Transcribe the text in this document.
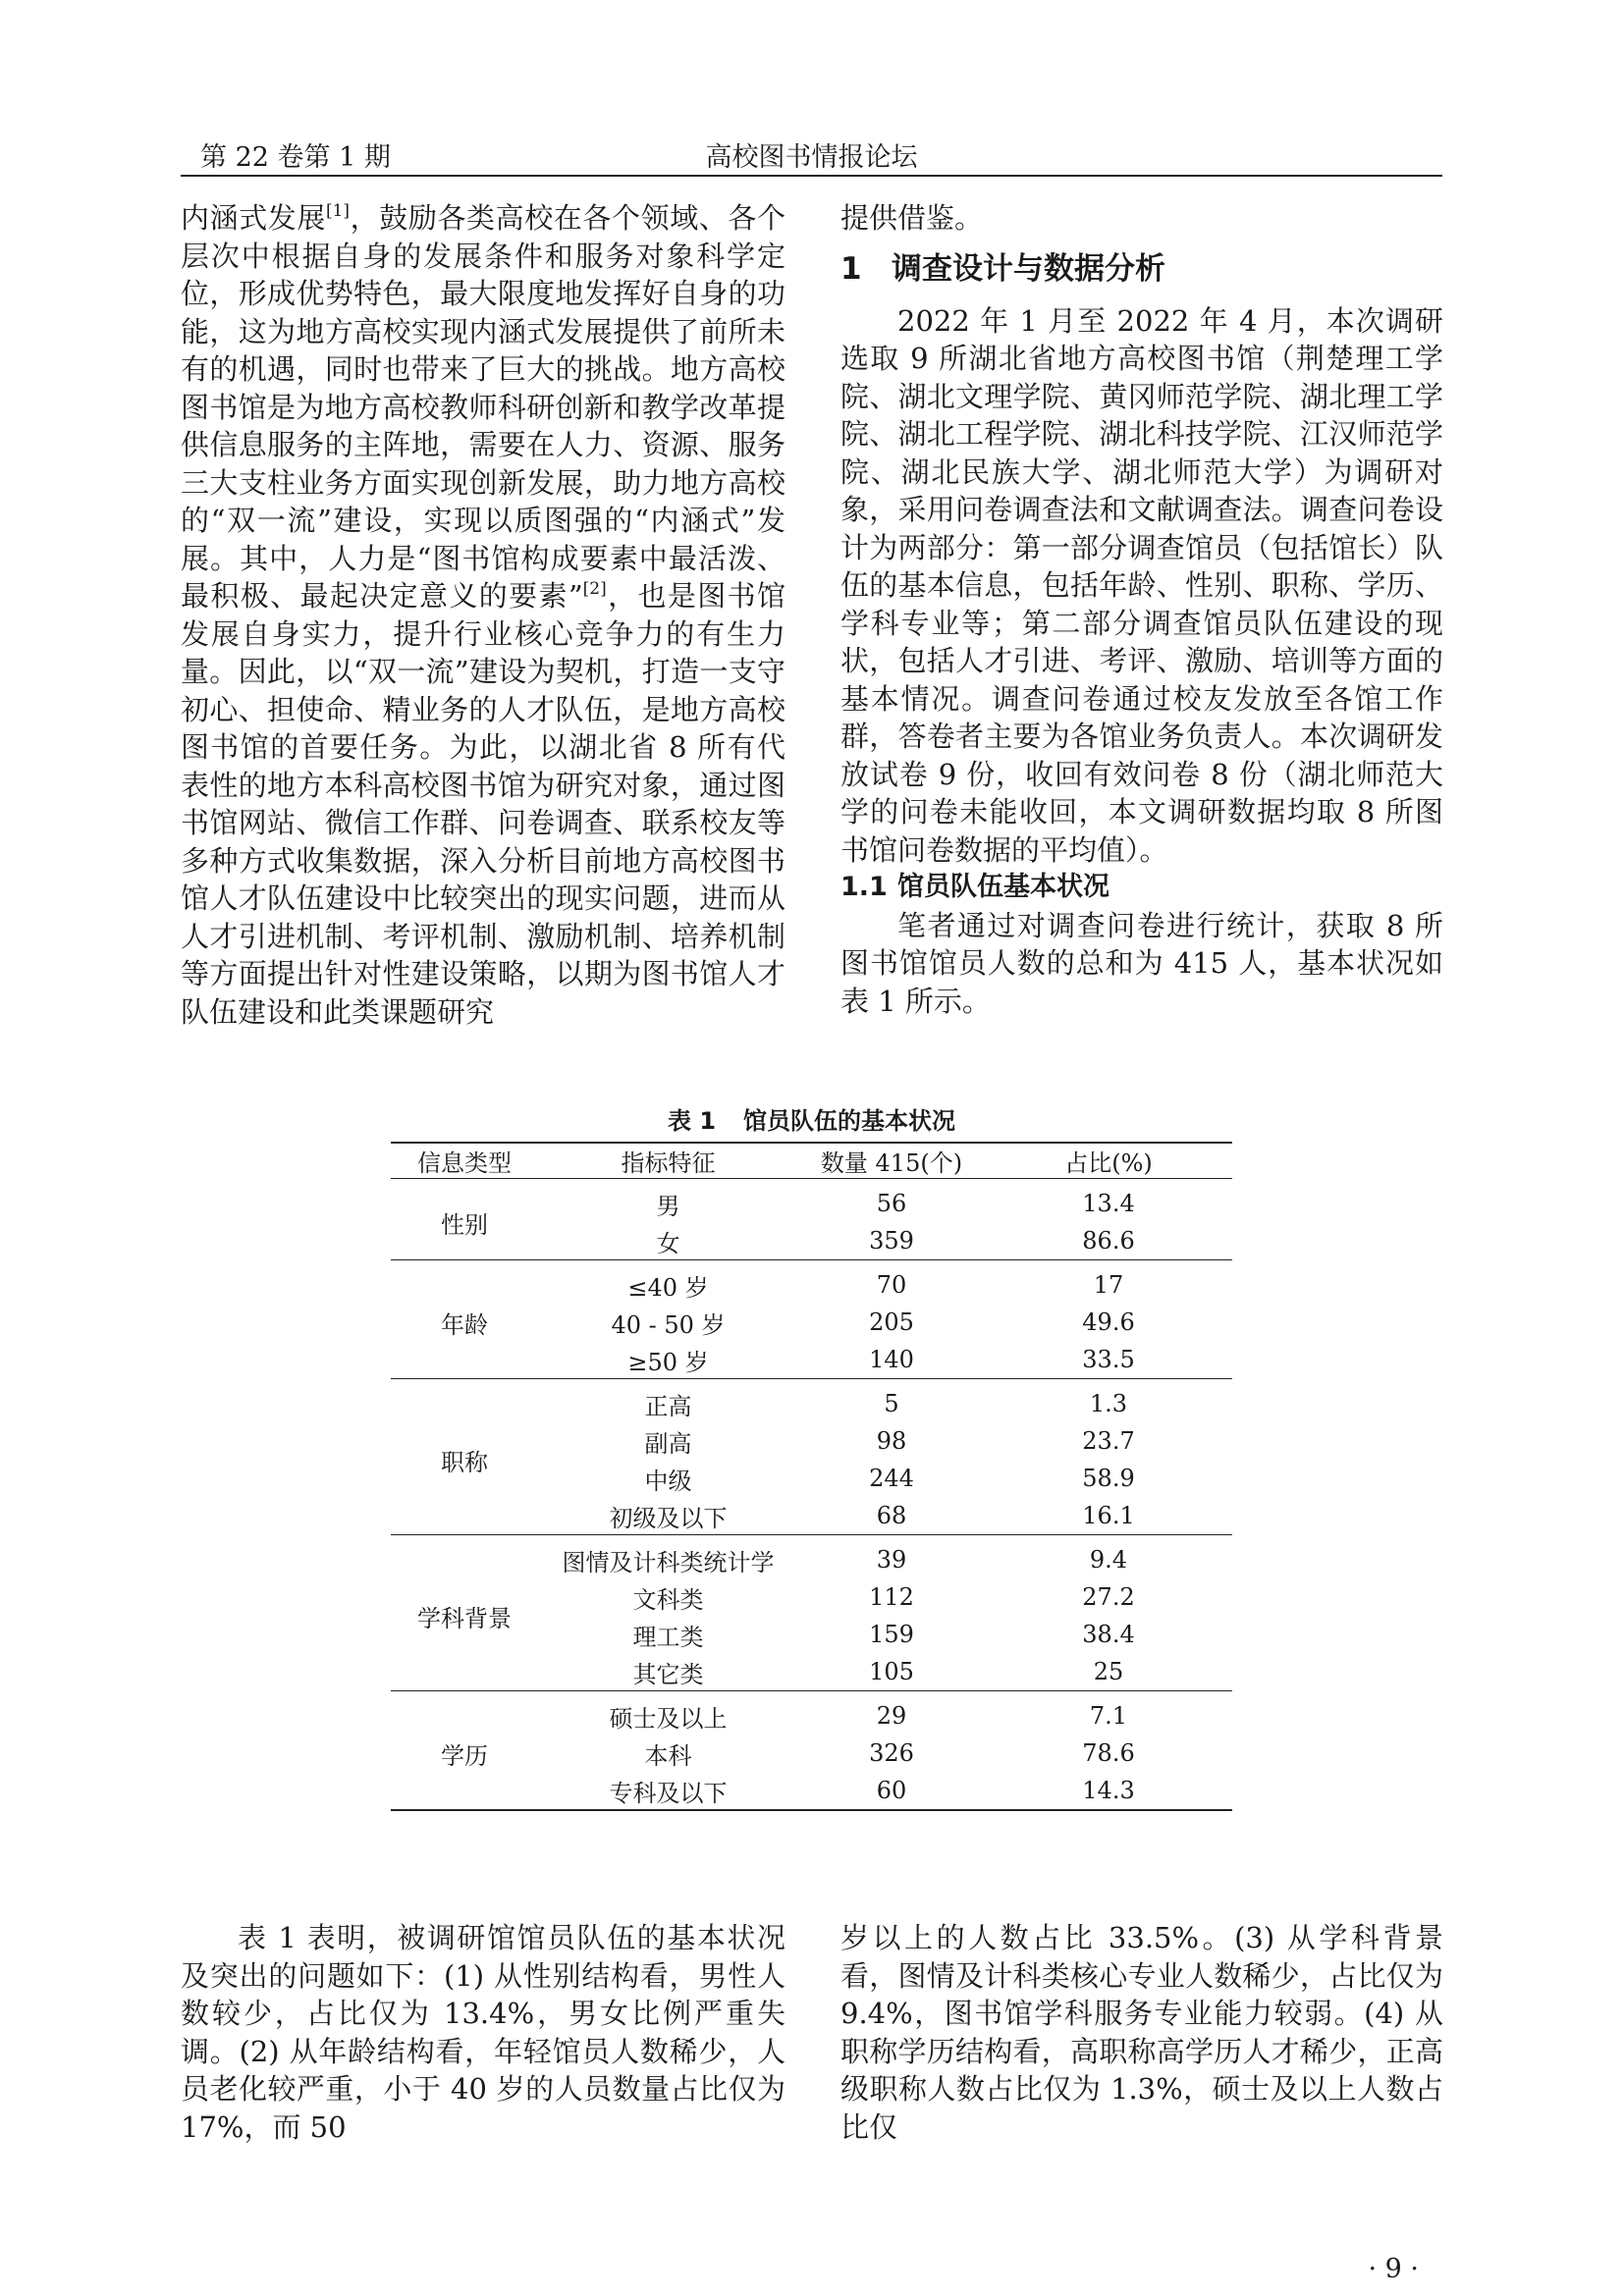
第 22 卷第 1 期	高校图书情报论坛

内涵式发展[1]，鼓励各类高校在各个领域、各个层次中根据自身的发展条件和服务对象科学定位，形成优势特色，最大限度地发挥好自身的功能，这为地方高校实现内涵式发展提供了前所未有的机遇，同时也带来了巨大的挑战。地方高校图书馆是为地方高校教师科研创新和教学改革提供信息服务的主阵地，需要在人力、资源、服务三大支柱业务方面实现创新发展，助力地方高校的“双一流”建设，实现以质图强的“内涵式”发展。其中，人力是“图书馆构成要素中最活泼、最积极、最起决定意义的要素”[2]，也是图书馆发展自身实力，提升行业核心竞争力的有生力量。因此，以“双一流”建设为契机，打造一支守初心、担使命、精业务的人才队伍，是地方高校图书馆的首要任务。为此，以湖北省 8 所有代表性的地方本科高校图书馆为研究对象，通过图书馆网站、微信工作群、问卷调查、联系校友等多种方式收集数据，深入分析目前地方高校图书馆人才队伍建设中比较突出的现实问题，进而从人才引进机制、考评机制、激励机制、培养机制等方面提出针对性建设策略，以期为图书馆人才队伍建设和此类课题研究

提供借鉴。

1 调查设计与数据分析

2022 年 1 月至 2022 年 4 月，本次调研选取 9 所湖北省地方高校图书馆（荆楚理工学院、湖北文理学院、黄冈师范学院、湖北理工学院、湖北工程学院、湖北科技学院、江汉师范学院、湖北民族大学、湖北师范大学）为调研对象，采用问卷调查法和文献调查法。调查问卷设计为两部分：第一部分调查馆员（包括馆长）队伍的基本信息，包括年龄、性别、职称、学历、学科专业等；第二部分调查馆员队伍建设的现状，包括人才引进、考评、激励、培训等方面的基本情况。调查问卷通过校友发放至各馆工作群，答卷者主要为各馆业务负责人。本次调研发放试卷 9 份，收回有效问卷 8 份（湖北师范大学的问卷未能收回，本文调研数据均取 8 所图书馆问卷数据的平均值）。

1.1 馆员队伍基本状况

笔者通过对调查问卷进行统计，获取 8 所图书馆馆员人数的总和为 415 人，基本状况如表 1 所示。

表 1 馆员队伍的基本状况
信息类型	指标特征	数量 415(个)	占比(%)
性别	男	56	13.4
	女	359	86.6
年龄	≤40 岁	70	17
	40 - 50 岁	205	49.6
	≥50 岁	140	33.5
职称	正高	5	1.3
	副高	98	23.7
	中级	244	58.9
	初级及以下	68	16.1
学科背景	图情及计科类统计学	39	9.4
	文科类	112	27.2
	理工类	159	38.4
	其它类	105	25
学历	硕士及以上	29	7.1
	本科	326	78.6
	专科及以下	60	14.3

表 1 表明，被调研馆馆员队伍的基本状况及突出的问题如下：(1) 从性别结构看，男性人数较少，占比仅为 13.4%，男女比例严重失调。(2) 从年龄结构看，年轻馆员人数稀少，人员老化较严重，小于 40 岁的人员数量占比仅为 17%，而 50

岁以上的人数占比 33.5%。(3) 从学科背景看，图情及计科类核心专业人数稀少，占比仅为 9.4%，图书馆学科服务专业能力较弱。(4) 从职称学历结构看，高职称高学历人才稀少，正高级职称人数占比仅为 1.3%，硕士及以上人数占比仅

· 9 ·
